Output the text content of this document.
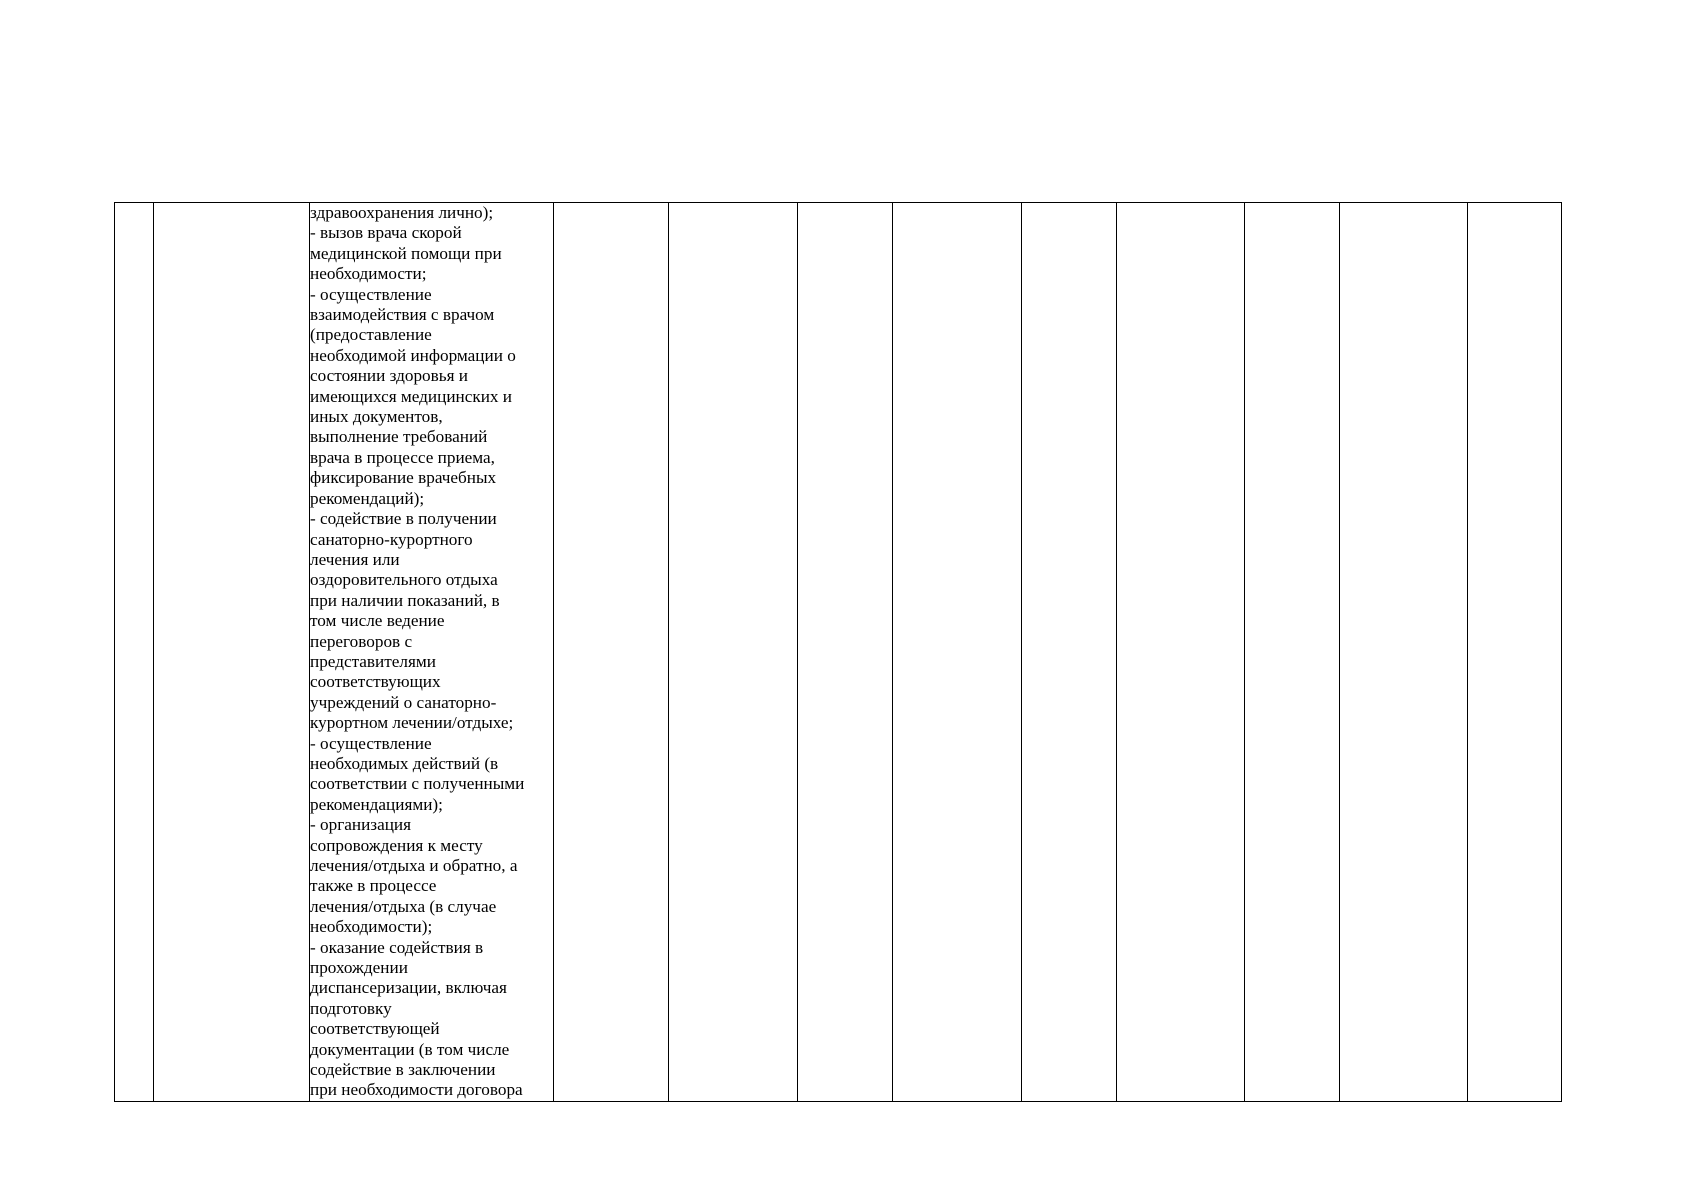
здравоохранения лично);
- вызов врача скорой
медицинской помощи при
необходимости;
- осуществление
взаимодействия с врачом
(предоставление
необходимой информации о
состоянии здоровья и
имеющихся медицинских и
иных документов,
выполнение требований
врача в процессе приема,
фиксирование врачебных
рекомендаций);
- содействие в получении
санаторно-курортного
лечения или
оздоровительного отдыха
при наличии показаний, в
том числе ведение
переговоров с
представителями
соответствующих
учреждений о санаторно-
курортном лечении/отдыхе;
- осуществление
необходимых действий (в
соответствии с полученными
рекомендациями);
- организация
сопровождения к месту
лечения/отдыха и обратно, а
также в процессе
лечения/отдыха (в случае
необходимости);
- оказание содействия в
прохождении
диспансеризации, включая
подготовку
соответствующей
документации (в том числе
содействие в заключении
при необходимости договора
